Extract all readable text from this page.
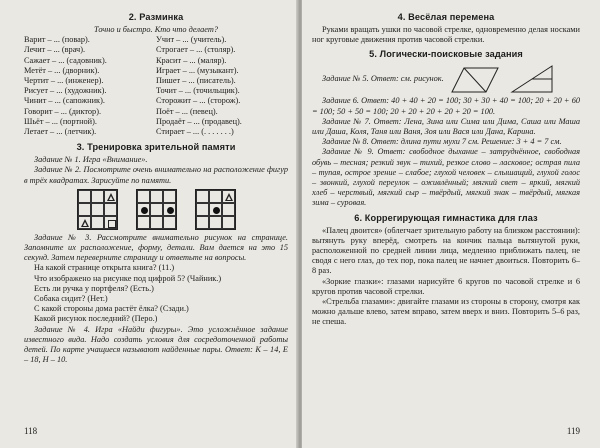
2. Разминка

Точно и быстро. Кто что делает?

Варит – ... (повар).
Лечит – ... (врач).
Сажает – ... (садовник).
Метёт – ... (дворник).
Чертит – ... (инженер).
Рисует – ... (художник).
Чинит – ... (сапожник).
Говорит – ... (диктор).
Шьёт – ... (портной).
Летает – ... (летчик).
Учит – ... (учитель).
Строгает – ... (столяр).
Красит – ... (маляр).
Играет – ... (музыкант).
Пишет – ... (писатель).
Точит – ... (точильщик).
Сторожит – ... (сторож).
Поёт – ... (певец).
Продаёт – ... (продавец).
Стирает – ... (. . . . . . .)
3. Тренировка зрительной памяти

Задание № 1. Игра «Внимание».

Задание № 2. Посмотрите очень внимательно на расположение фигур в трёх квадратах. Зарисуйте по памяти.

Задание № 3. Рассмотрите внимательно рисунок на странице. Запомните их расположение, форму, детали. Вам дается на это 15 секунд. Затем переверните страницу и ответьте на вопросы.

На какой странице открыта книга? (11.)

Что изображено на рисунке под цифрой 5? (Чайник.)

Есть ли ручка у портфеля? (Есть.)

Собака сидит? (Нет.)

С какой стороны дома растёт ёлка? (Сзади.)

Какой рисунок последний? (Перо.)

Задание № 4. Игра «Найди фигуры». Это усложнённое задание известного вида. Надо создать условия для сосредоточенной работы детей. По карте учащиеся называют найденные пары. Ответ: К – 14, Е – 18, Н – 10.

118
4. Весёлая перемена

Руками вращать ушки по часовой стрелке, одновременно делая носками ног круговые движения против часовой стрелки.

5. Логически-поисковые задания

Задание № 5. Ответ: см. рисунок.

Задание 6. Ответ: 40 + 40 + 20 = 100; 30 + 30 + 40 = 100; 20 + 20 + 60 = 100; 50 + 50 = 100; 20 + 20 + 20 + 20 + 20 = 100.

Задание № 7. Ответ: Лена, Зина или Сима или Дима, Саша или Маша или Даша, Коля, Таня или Ваня, Зоя или Вася или Дана, Карина.

Задание № 8. Ответ: длина пути мухи 7 см. Решение: 3 + 4 = 7 см.

Задание № 9. Ответ: свободное дыхание – затруднённое, свободная обувь – тесная; резкий звук – тихий, резкое слово – ласковое; острая пила – тупая, острое зрение – слабое; глухой человек – слышащий, глухой голос – звонкий, глухой переулок – оживлённый; мягкий свет – яркий, мягкий хлеб – черствый, мягкий сыр – твёрдый, мягкий знак – твёрдый, мягкая зима – суровая.

6. Коррегирующая гимнастика для глаз

«Палец двоится» (облегчает зрительную работу на близком расстоянии): вытянуть руку вперёд, смотреть на кончик пальца вытянутой руки, расположенной по средней линии лица, медленно приближать палец, не сводя с него глаз, до тех пор, пока палец не начнет двоиться. Повторить 6–8 раз.

«Зоркие глазки»: глазами нарисуйте 6 кругов по часовой стрелке и 6 кругов против часовой стрелки.

«Стрельба глазами»: двигайте глазами из стороны в сторону, смотря как можно дальше влево, затем вправо, затем вверх и вниз. Повторить 5–6 раз, не спеша.

119
